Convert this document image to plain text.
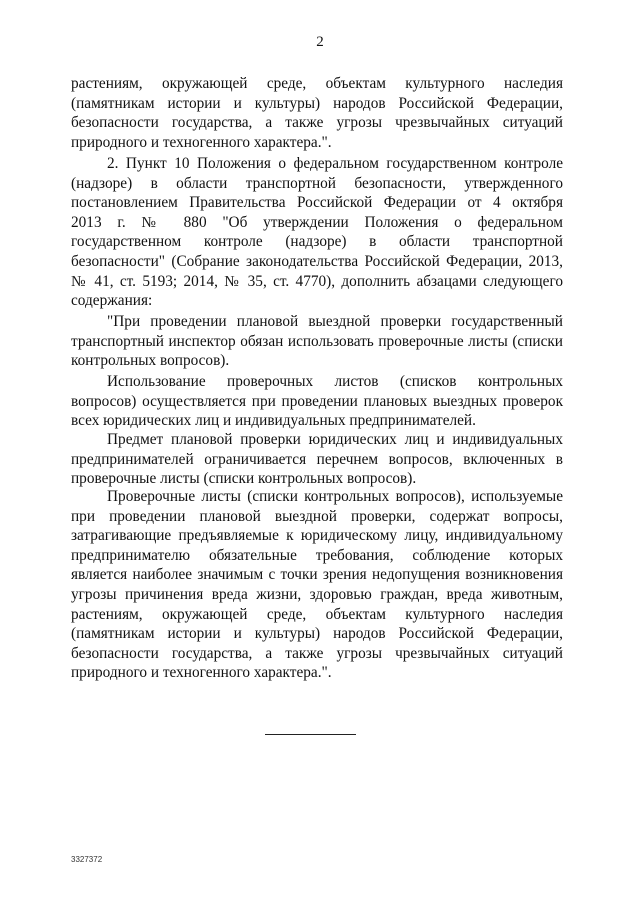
2
растениям, окружающей среде, объектам культурного наследия
(памятникам истории и культуры) народов Российской Федерации,
безопасности государства, а также угрозы чрезвычайных ситуаций
природного и техногенного характера.".
2. Пункт 10 Положения о федеральном государственном контроле
(надзоре) в области транспортной безопасности, утвержденного
постановлением Правительства Российской Федерации от 4 октября
2013 г. № 880 "Об утверждении Положения о федеральном
государственном контроле (надзоре) в области транспортной
безопасности" (Собрание законодательства Российской Федерации, 2013,
№ 41, ст. 5193; 2014, № 35, ст. 4770), дополнить абзацами следующего
содержания:
"При проведении плановой выездной проверки государственный
транспортный инспектор обязан использовать проверочные листы (списки
контрольных вопросов).
Использование проверочных листов (списков контрольных
вопросов) осуществляется при проведении плановых выездных проверок
всех юридических лиц и индивидуальных предпринимателей.
Предмет плановой проверки юридических лиц и индивидуальных
предпринимателей ограничивается перечнем вопросов, включенных в
проверочные листы (списки контрольных вопросов).
Проверочные листы (списки контрольных вопросов), используемые
при проведении плановой выездной проверки, содержат вопросы,
затрагивающие предъявляемые к юридическому лицу, индивидуальному
предпринимателю обязательные требования, соблюдение которых
является наиболее значимым с точки зрения недопущения возникновения
угрозы причинения вреда жизни, здоровью граждан, вреда животным,
растениям, окружающей среде, объектам культурного наследия
(памятникам истории и культуры) народов Российской Федерации,
безопасности государства, а также угрозы чрезвычайных ситуаций
природного и техногенного характера.".
3327372
